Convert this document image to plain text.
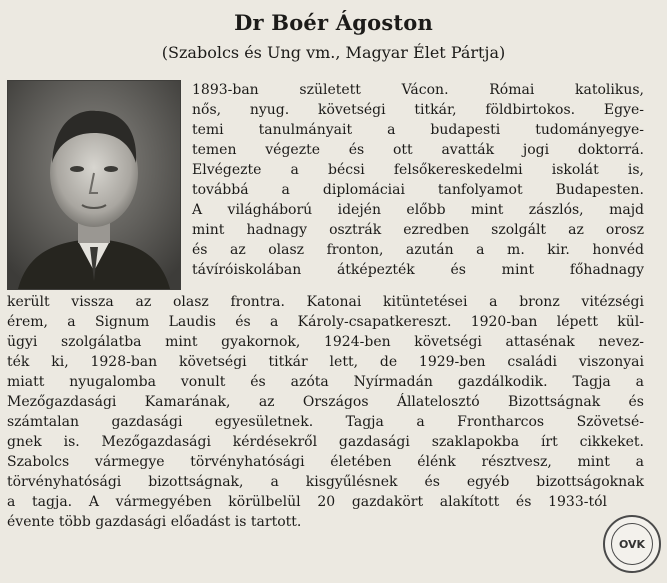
Dr Boér Ágoston
(Szabolcs és Ung vm., Magyar Élet Pártja)
1893-ban született Vácon. Római katolikus,
nős, nyug. követségi titkár, földbirtokos. Egye-
temi tanulmányait a budapesti tudományegye-
temen végezte és ott avatták jogi doktorrá.
Elvégezte a bécsi felsőkereskedelmi iskolát is,
továbbá a diplomáciai tanfolyamot Budapesten.
A világháború idején előbb mint zászlós, majd
mint hadnagy osztrák ezredben szolgált az orosz
és az olasz fronton, azután a m. kir. honvéd
távíróiskolában átképezték és mint főhadnagy
került vissza az olasz frontra. Katonai kitüntetései a bronz vitézségi
érem, a Signum Laudis és a Károly-csapatkereszt. 1920-ban lépett kül-
ügyi szolgálatba mint gyakornok, 1924-ben követségi attasénak nevez-
ték ki, 1928-ban követségi titkár lett, de 1929-ben családi viszonyai
miatt nyugalomba vonult és azóta Nyírmadán gazdálkodik. Tagja a
Mezőgazdasági Kamarának, az Országos Állatelosztó Bizottságnak és
számtalan gazdasági egyesületnek. Tagja a Frontharcos Szövetsé-
gnek is. Mezőgazdasági kérdésekről gazdasági szaklapokba írt cikkeket.
Szabolcs vármegye törvényhatósági életében élénk résztvesz, mint a
törvényhatósági bizottságnak, a kisgyűlésnek és egyéb bizottságoknak
a tagja. A vármegyében körülbelül 20 gazdakört alakított és 1933-tól
évente több gazdasági előadást is tartott.
OVK
